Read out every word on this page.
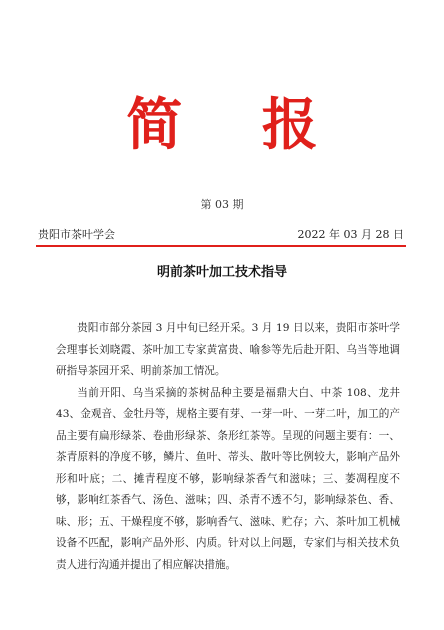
简 报
第 03 期
贵阳市茶叶学会	2022 年 03 月 28 日
明前茶叶加工技术指导

贵阳市部分茶园 3 月中旬已经开采。3 月 19 日以来，贵阳市茶叶学会理事长刘晓霞、茶叶加工专家黄富贵、喻参等先后赴开阳、乌当等地调研指导茶园开采、明前茶加工情况。

当前开阳、乌当采摘的茶树品种主要是福鼎大白、中茶 108、龙井 43、金观音、金牡丹等，规格主要有芽、一芽一叶、一芽二叶，加工的产品主要有扁形绿茶、卷曲形绿茶、条形红茶等。呈现的问题主要有：一、茶青原料的净度不够，鳞片、鱼叶、蒂头、散叶等比例较大，影响产品外形和叶底；二、摊青程度不够，影响绿茶香气和滋味；三、萎凋程度不够，影响红茶香气、汤色、滋味；四、杀青不透不匀，影响绿茶色、香、味、形；五、干燥程度不够，影响香气、滋味、贮存；六、茶叶加工机械设备不匹配，影响产品外形、内质。针对以上问题，专家们与相关技术负责人进行沟通并提出了相应解决措施。
